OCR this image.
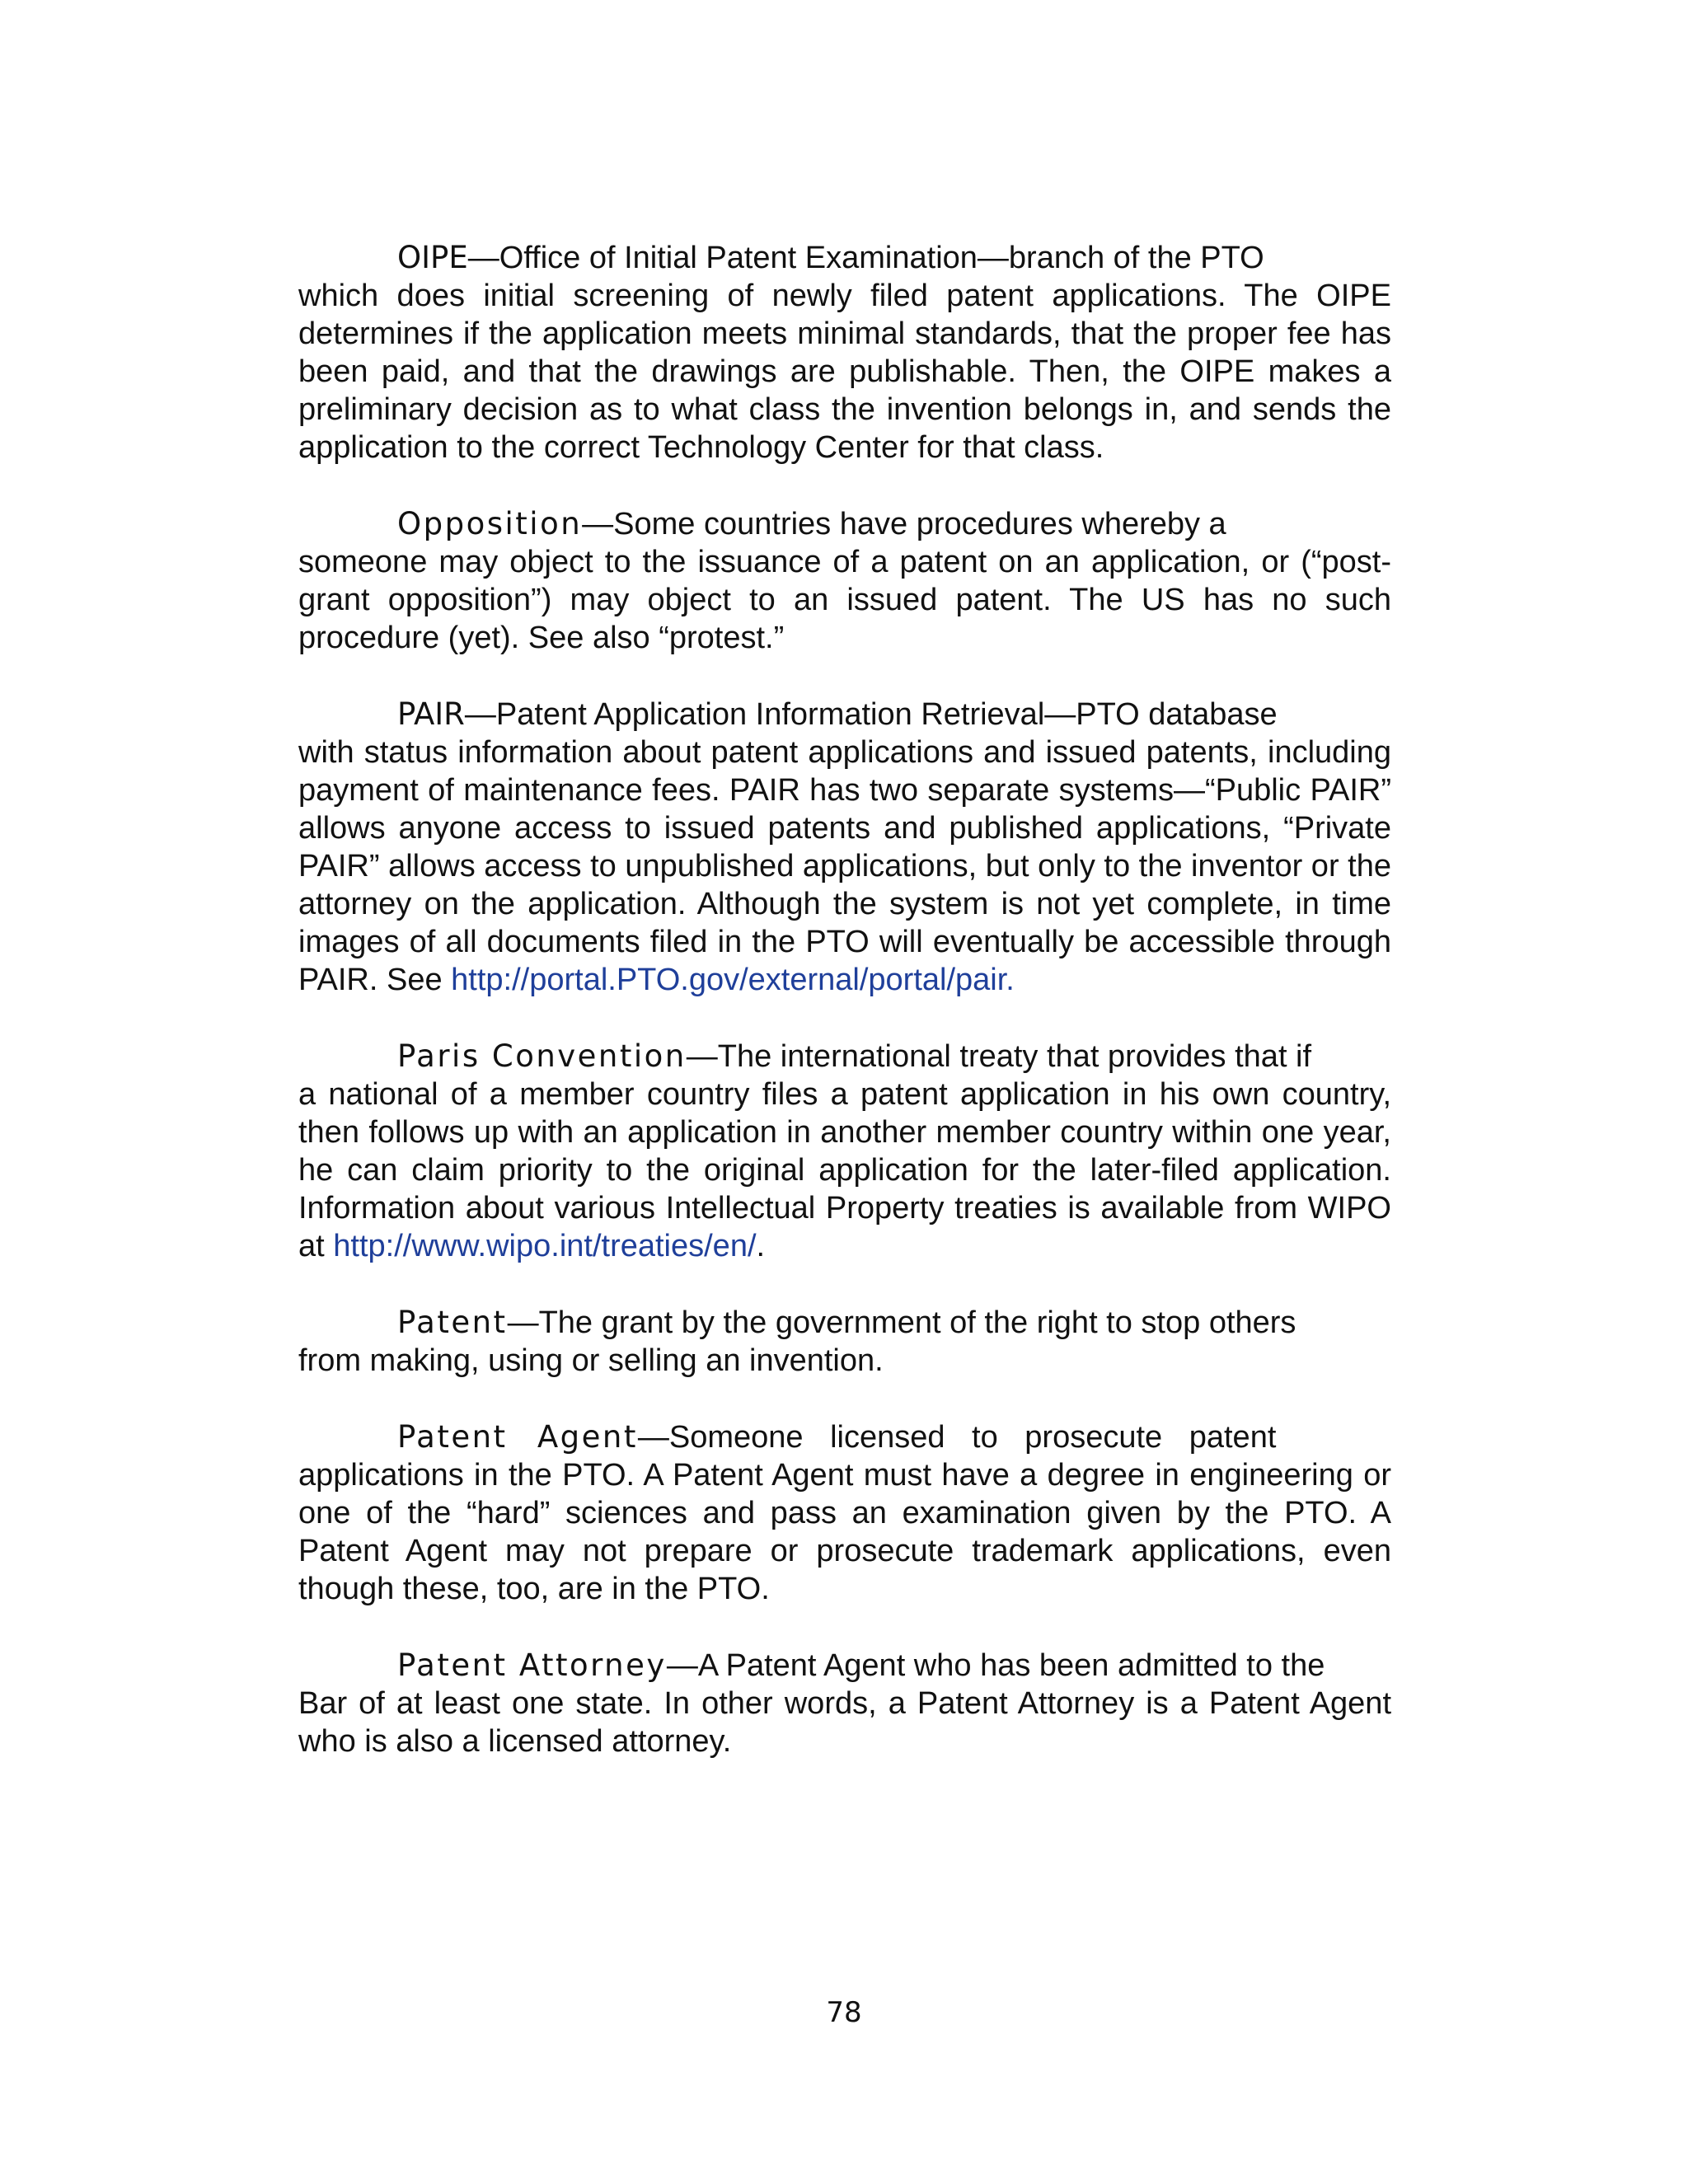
OIPE—Office of Initial Patent Examination—branch of the PTO
which does initial screening of newly filed patent applications. The OIPE determines if the application meets minimal standards, that the proper fee has been paid, and that the drawings are publishable. Then, the OIPE makes a preliminary decision as to what class the invention belongs in, and sends the application to the correct Technology Center for that class.
Opposition—Some countries have procedures whereby a
someone may object to the issuance of a patent on an application, or (“post-grant opposition”) may object to an issued patent. The US has no such procedure (yet). See also “protest.”
PAIR—Patent Application Information Retrieval—PTO database
with status information about patent applications and issued patents, including payment of maintenance fees. PAIR has two separate systems—“Public PAIR” allows anyone access to issued patents and published applications, “Private PAIR” allows access to unpublished applications, but only to the inventor or the attorney on the application. Although the system is not yet complete, in time images of all documents filed in the PTO will eventually be accessible through PAIR. See http://portal.PTO.gov/external/portal/pair.
Paris Convention—The international treaty that provides that if
a national of a member country files a patent application in his own country, then follows up with an application in another member country within one year, he can claim priority to the original application for the later-filed application. Information about various Intellectual Property treaties is available from WIPO at http://www.wipo.int/treaties/en/.
Patent—The grant by the government of the right to stop others
from making, using or selling an invention.
Patent Agent—Someone licensed to prosecute patent
applications in the PTO. A Patent Agent must have a degree in engineering or one of the “hard” sciences and pass an examination given by the PTO. A Patent Agent may not prepare or prosecute trademark applications, even though these, too, are in the PTO.
Patent Attorney—A Patent Agent who has been admitted to the
Bar of at least one state. In other words, a Patent Attorney is a Patent Agent who is also a licensed attorney.
78
